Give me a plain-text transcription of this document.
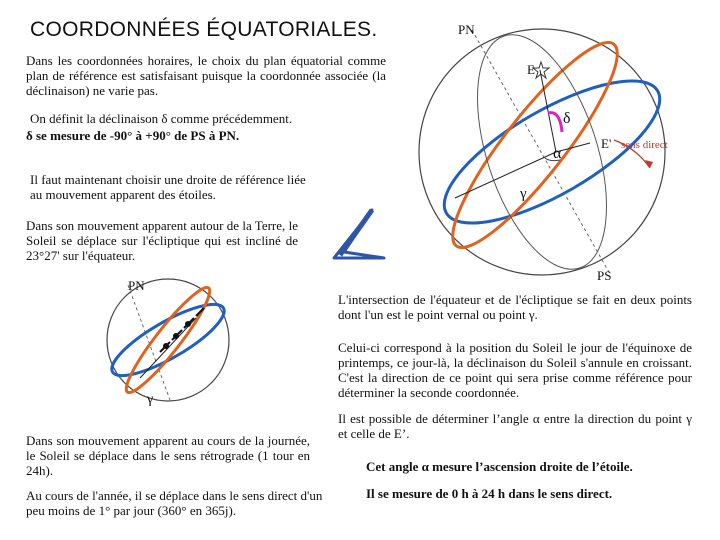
COORDONNÉES ÉQUATORIALES.
Dans les coordonnées horaires, le choix du plan équatorial comme plan de référence est satisfaisant puisque la coordonnée associée (la déclinaison) ne varie pas.
On définit la déclinaison δ comme précédemment.
δ se mesure de -90° à +90° de PS à PN.
Il faut maintenant choisir une droite de référence liée au mouvement apparent des étoiles.
Dans son mouvement apparent autour de la Terre, le Soleil se déplace sur l'écliptique qui est incliné de 23°27' sur l'équateur.
L'intersection de l'équateur et de l'écliptique se fait en deux points dont l'un est le point vernal ou point γ.
Celui-ci correspond à la position du Soleil le jour de l'équinoxe de printemps, ce jour-là, la déclinaison du Soleil s'annule en croissant. C'est la direction de ce point qui sera prise comme référence pour déterminer la seconde coordonnée.
Il est possible de déterminer l’angle α entre la direction du point γ et celle de E’.
Cet angle α mesure l’ascension droite de l’étoile.
Il se mesure de 0 h à 24 h dans le sens direct.
Dans son mouvement apparent au cours de la journée, le Soleil se déplace dans le sens rétrograde (1 tour en 24h).
Au cours de l'année, il se déplace dans le sens direct d'un peu moins de 1° par jour (360° en 365j).
PN
E
δ
α
E' sens direct
γ
PS
PN
γ
